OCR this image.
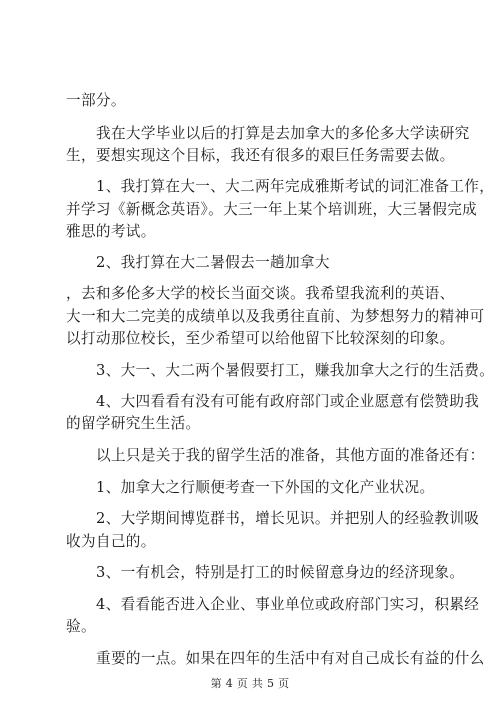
一部分。
我在大学毕业以后的打算是去加拿大的多伦多大学读研究
生，要想实现这个目标，我还有很多的艰巨任务需要去做。
1、我打算在大一、大二两年完成雅斯考试的词汇准备工作，
并学习《新概念英语》。大三一年上某个培训班，大三暑假完成
雅思的考试。
2、我打算在大二暑假去一趟加拿大
，去和多伦多大学的校长当面交谈。我希望我流利的英语、
大一和大二完美的成绩单以及我勇往直前、为梦想努力的精神可
以打动那位校长，至少希望可以给他留下比较深刻的印象。
3、大一、大二两个暑假要打工，赚我加拿大之行的生活费。
4、大四看看有没有可能有政府部门或企业愿意有偿赞助我
的留学研究生生活。
以上只是关于我的留学生活的准备，其他方面的准备还有：
1、加拿大之行顺便考查一下外国的文化产业状况。
2、大学期间博览群书，增长见识。并把别人的经验教训吸
收为自己的。
3、一有机会，特别是打工的时候留意身边的经济现象。
4、看看能否进入企业、事业单位或政府部门实习，积累经
验。
重要的一点。如果在四年的生活中有对自己成长有益的什么
第 4 页 共 5 页
